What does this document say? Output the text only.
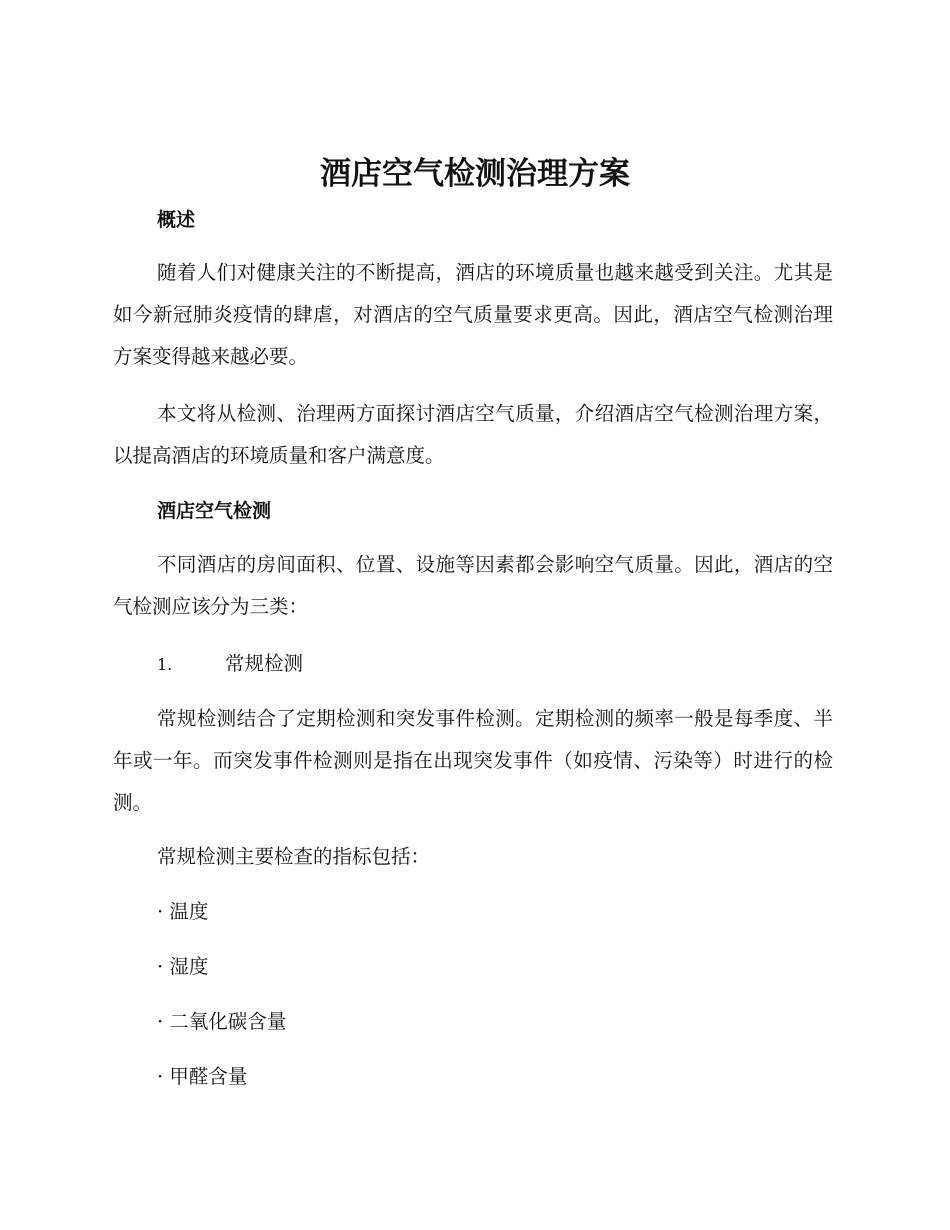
酒店空气检测治理方案
概述

随着人们对健康关注的不断提高，酒店的环境质量也越来越受到关注。尤其是如今新冠肺炎疫情的肆虐，对酒店的空气质量要求更高。因此，酒店空气检测治理方案变得越来越必要。

本文将从检测、治理两方面探讨酒店空气质量，介绍酒店空气检测治理方案，以提高酒店的环境质量和客户满意度。

酒店空气检测

不同酒店的房间面积、位置、设施等因素都会影响空气质量。因此，酒店的空气检测应该分为三类：

1.	常规检测

常规检测结合了定期检测和突发事件检测。定期检测的频率一般是每季度、半年或一年。而突发事件检测则是指在出现突发事件（如疫情、污染等）时进行的检测。

常规检测主要检查的指标包括：

· 温度
· 湿度
· 二氧化碳含量
· 甲醛含量
